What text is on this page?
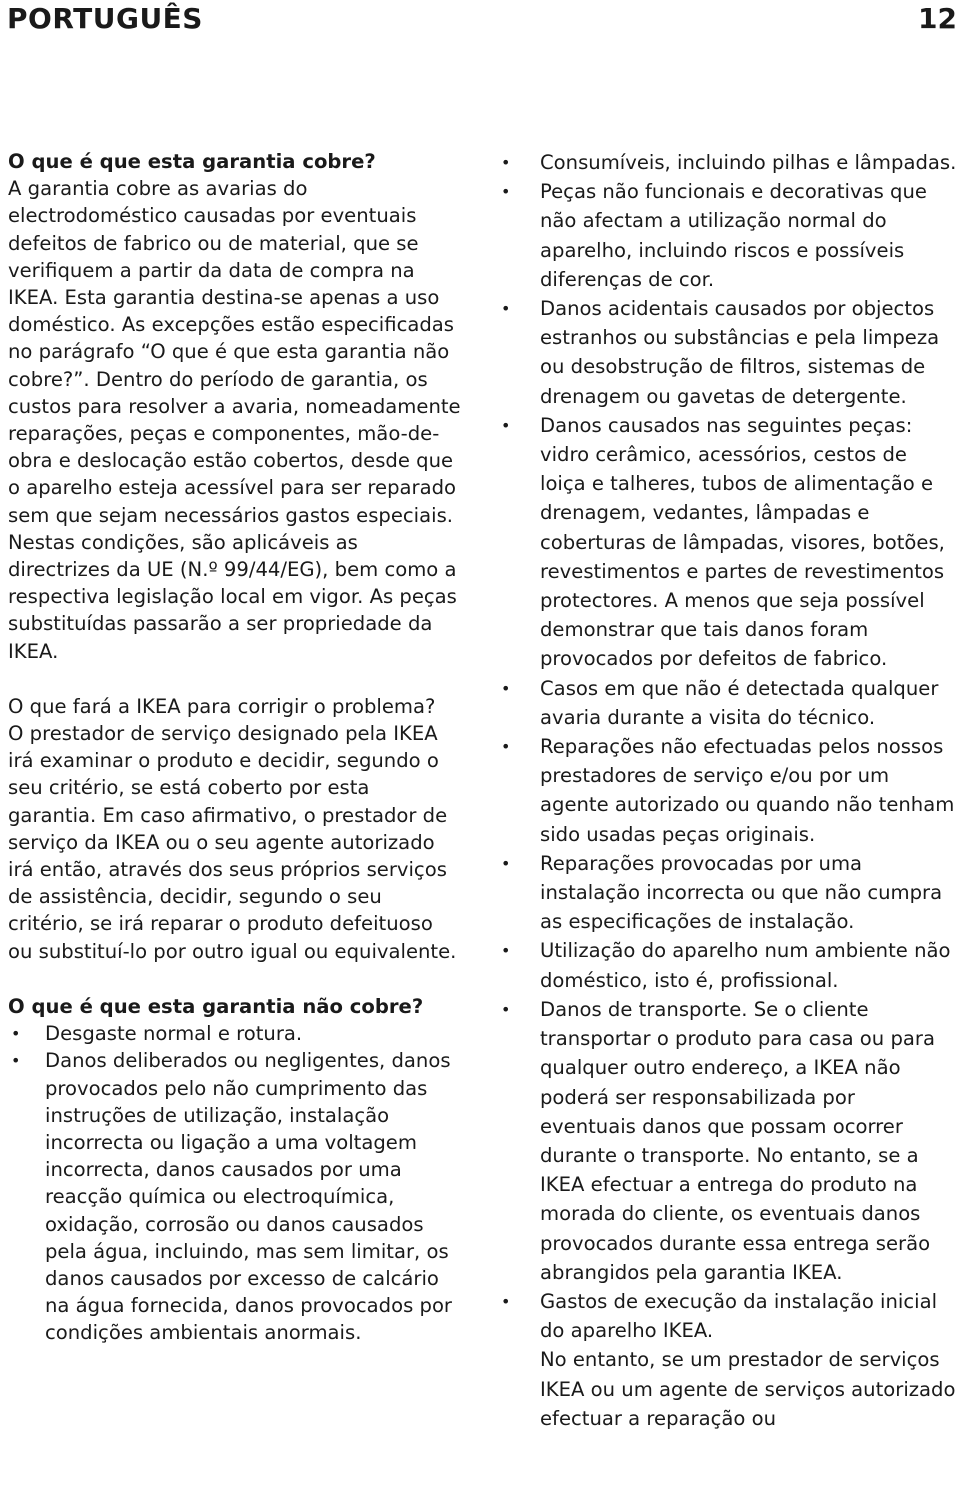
PORTUGUÊS	12

O que é que esta garantia cobre?

A garantia cobre as avarias do electrodoméstico causadas por eventuais defeitos de fabrico ou de material, que se verifiquem a partir da data de compra na IKEA. Esta garantia destina-se apenas a uso doméstico. As excepções estão especificadas no parágrafo “O que é que esta garantia não cobre?”. Dentro do período de garantia, os custos para resolver a avaria, nomeadamente reparações, peças e componentes, mão-de-obra e deslocação estão cobertos, desde que o aparelho esteja acessível para ser reparado sem que sejam necessários gastos especiais. Nestas condições, são aplicáveis as directrizes da UE (N.º 99/44/EG), bem como a respectiva legislação local em vigor. As peças substituídas passarão a ser propriedade da IKEA.

O que fará a IKEA para corrigir o problema?

O prestador de serviço designado pela IKEA irá examinar o produto e decidir, segundo o seu critério, se está coberto por esta garantia. Em caso afirmativo, o prestador de serviço da IKEA ou o seu agente autorizado irá então, através dos seus próprios serviços de assistência, decidir, segundo o seu critério, se irá reparar o produto defeituoso ou substituí-lo por outro igual ou equivalente.

O que é que esta garantia não cobre?

• Desgaste normal e rotura.
• Danos deliberados ou negligentes, danos provocados pelo não cumprimento das instruções de utilização, instalação incorrecta ou ligação a uma voltagem incorrecta, danos causados por uma reacção química ou electroquímica, oxidação, corrosão ou danos causados pela água, incluindo, mas sem limitar, os danos causados por excesso de calcário na água fornecida, danos provocados por condições ambientais anormais.
• Consumíveis, incluindo pilhas e lâmpadas.
• Peças não funcionais e decorativas que não afectam a utilização normal do aparelho, incluindo riscos e possíveis diferenças de cor.
• Danos acidentais causados por objectos estranhos ou substâncias e pela limpeza ou desobstrução de filtros, sistemas de drenagem ou gavetas de detergente.
• Danos causados nas seguintes peças: vidro cerâmico, acessórios, cestos de loiça e talheres, tubos de alimentação e drenagem, vedantes, lâmpadas e coberturas de lâmpadas, visores, botões, revestimentos e partes de revestimentos protectores. A menos que seja possível demonstrar que tais danos foram provocados por defeitos de fabrico.
• Casos em que não é detectada qualquer avaria durante a visita do técnico.
• Reparações não efectuadas pelos nossos prestadores de serviço e/ou por um agente autorizado ou quando não tenham sido usadas peças originais.
• Reparações provocadas por uma instalação incorrecta ou que não cumpra as especificações de instalação.
• Utilização do aparelho num ambiente não doméstico, isto é, profissional.
• Danos de transporte. Se o cliente transportar o produto para casa ou para qualquer outro endereço, a IKEA não poderá ser responsabilizada por eventuais danos que possam ocorrer durante o transporte. No entanto, se a IKEA efectuar a entrega do produto na morada do cliente, os eventuais danos provocados durante essa entrega serão abrangidos pela garantia IKEA.
• Gastos de execução da instalação inicial do aparelho IKEA.
No entanto, se um prestador de serviços IKEA ou um agente de serviços autorizado efectuar a reparação ou
